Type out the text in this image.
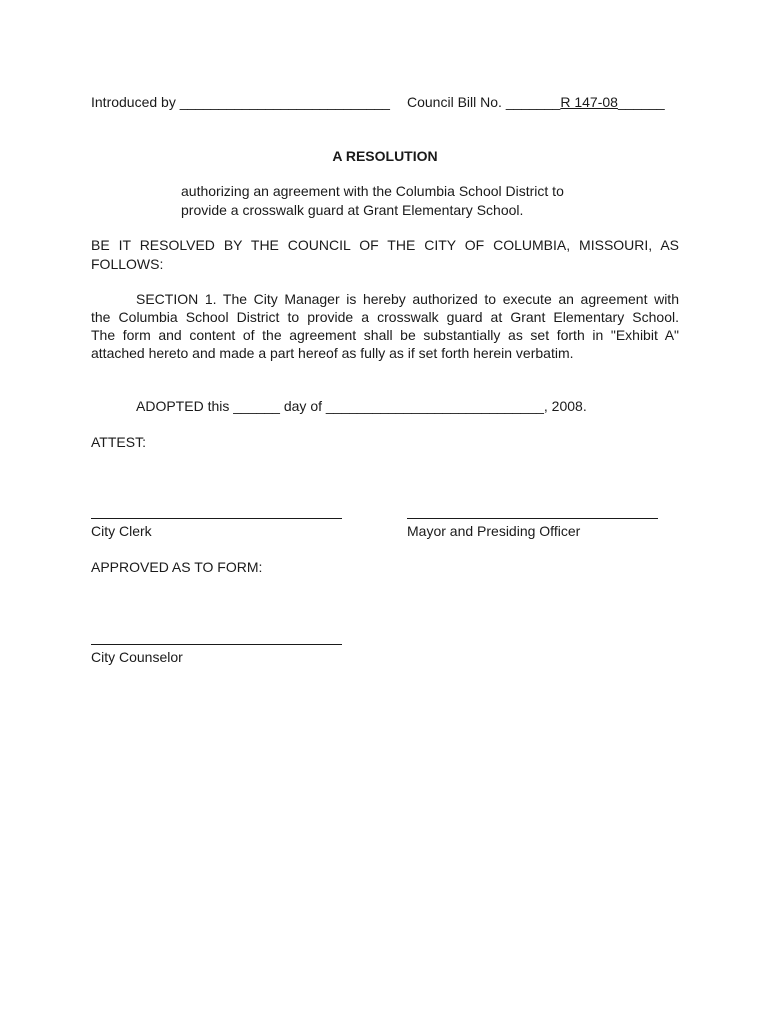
Introduced by ___________________________ Council Bill No. _______R 147-08______
A RESOLUTION
authorizing an agreement with the Columbia School District to
provide a crosswalk guard at Grant Elementary School.
BE IT RESOLVED BY THE COUNCIL OF THE CITY OF COLUMBIA, MISSOURI, AS
FOLLOWS:
SECTION 1. The City Manager is hereby authorized to execute an agreement with
the Columbia School District to provide a crosswalk guard at Grant Elementary School.
The form and content of the agreement shall be substantially as set forth in "Exhibit A"
attached hereto and made a part hereof as fully as if set forth herein verbatim.
ADOPTED this ______ day of ____________________________, 2008.
ATTEST:
City Clerk	Mayor and Presiding Officer
APPROVED AS TO FORM:
City Counselor
